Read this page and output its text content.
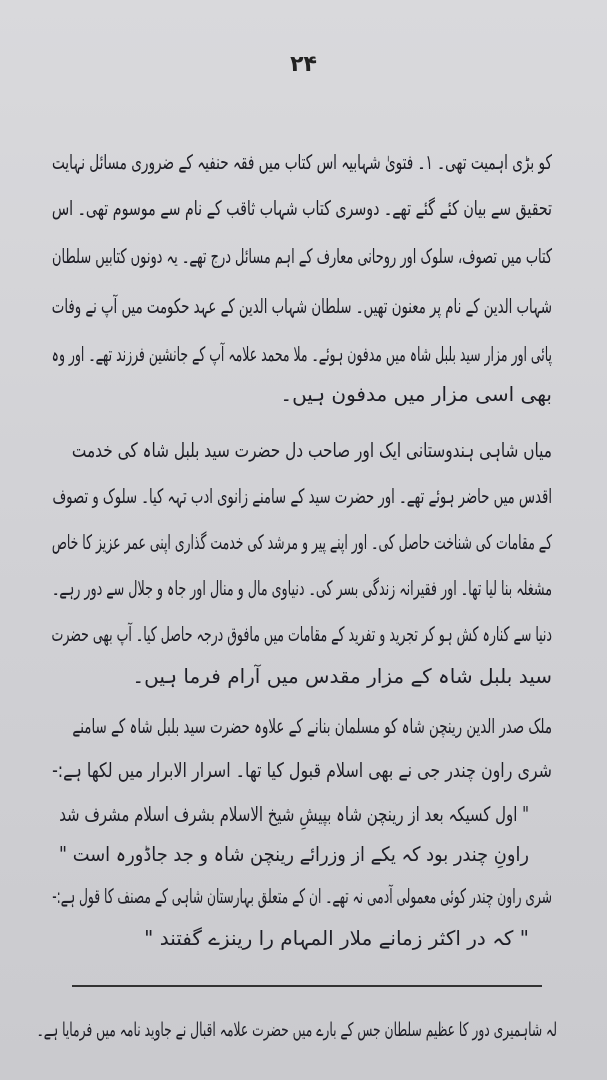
۲۴
کو بڑی اہمیت تھی۔ ۱۔ فتویٰ شہابیہ اس کتاب میں فقہ حنفیہ کے ضروری مسائل نہایت
تحقیق سے بیان کئے گئے تھے۔ دوسری کتاب شہاب ثاقب کے نام سے موسوم تھی۔ اس
کتاب میں تصوف، سلوک اور روحانی معارف کے اہم مسائل درج تھے۔ یہ دونوں کتابیں سلطان
شہاب الدین کے نام پر معنون تھیں۔ سلطان شہاب الدین کے عہد حکومت میں آپ نے وفات
پائی اور مزار سید بلبل شاہ میں مدفون ہوئے۔ ملا محمد علامہ آپ کے جانشین فرزند تھے۔ اور وہ
بھی اسی مزار میں مدفون ہیں۔
میاں شاہی ہندوستانی ایک اور صاحب دل حضرت سید بلبل شاہ کی خدمت
اقدس میں حاضر ہوئے تھے۔ اور حضرت سید کے سامنے زانوی ادب تہہ کیا۔ سلوک و تصوف
کے مقامات کی شناخت حاصل کی۔ اور اپنے پیر و مرشد کی خدمت گذاری اپنی عمر عزیز کا خاص
مشغلہ بنا لیا تھا۔ اور فقیرانہ زندگی بسر کی۔ دنیاوی مال و منال اور جاہ و جلال سے دور رہے۔
دنیا سے کنارہ کش ہو کر تجرید و تفرید کے مقامات میں مافوق درجہ حاصل کیا۔ آپ بھی حضرت
سید بلبل شاہ کے مزار مقدس میں آرام فرما ہیں۔
ملک صدر الدین رینچن شاہ کو مسلمان بنانے کے علاوہ حضرت سید بلبل شاہ کے سامنے
شری راون چندر جی نے بھی اسلام قبول کیا تھا۔ اسرار الابرار میں لکھا ہے:-
" اول کسیکہ بعد از رینچن شاہ بپیشِ شیخ الاسلام بشرف اسلام مشرف شد
راونِ چندر بود کہ یکے از وزرائے رینچن شاہ و جد جاڈورہ است "
شری راون چندر کوئی معمولی آدمی نہ تھے۔ ان کے متعلق بہارستان شاہی کے مصنف کا قول ہے:-
" کہ در اکثر زمانے ملار المہام را رینزے گفتند "
لہ شاہمیری دور کا عظیم سلطان جس کے بارے میں حضرت علامہ اقبال نے جاوید نامہ میں فرمایا ہے۔
